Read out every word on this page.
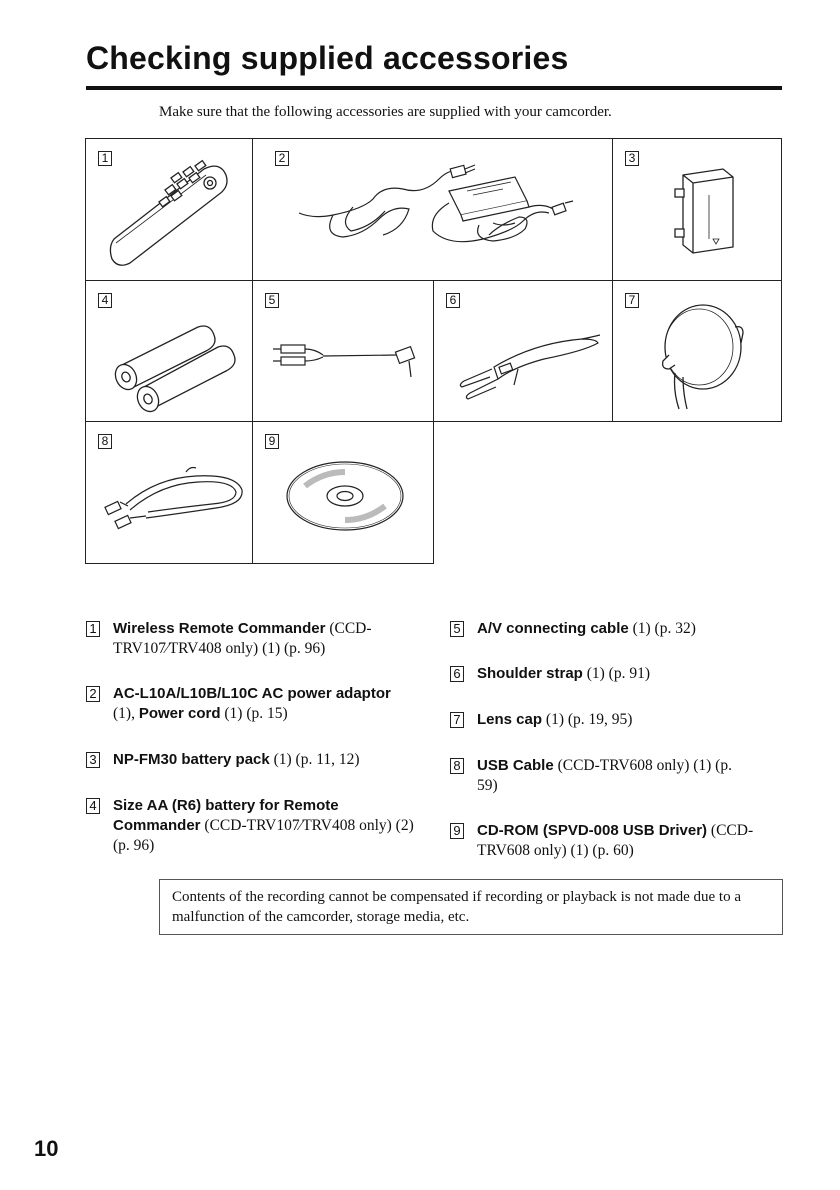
Checking supplied accessories

Make sure that the following accessories are supplied with your camcorder.

1	2	3
4	5	6	7
8	9
1 Wireless Remote Commander (CCD-TRV107⁄TRV408 only) (1) (p. 96)
2 AC-L10A/L10B/L10C AC power adaptor (1), Power cord (1) (p. 15)
3 NP-FM30 battery pack (1) (p. 11, 12)
4 Size AA (R6) battery for Remote Commander (CCD-TRV107⁄TRV408 only) (2) (p. 96)
5 A/V connecting cable (1) (p. 32)
6 Shoulder strap (1) (p. 91)
7 Lens cap (1) (p. 19, 95)
8 USB Cable (CCD-TRV608 only) (1) (p. 59)
9 CD-ROM (SPVD-008 USB Driver) (CCD-TRV608 only) (1) (p. 60)
Contents of the recording cannot be compensated if recording or playback is not made due to a malfunction of the camcorder, storage media, etc.
10
